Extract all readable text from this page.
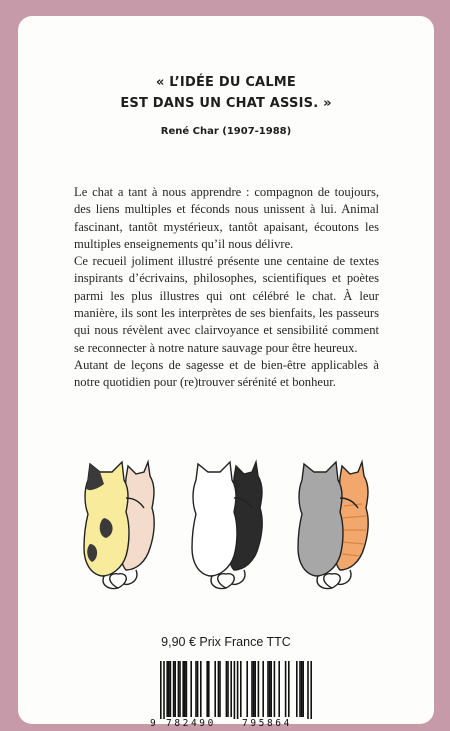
« L’IDÉE DU CALME
EST DANS UN CHAT ASSIS. »
René Char (1907-1988)

Le chat a tant à nous apprendre : compagnon de toujours, des liens multiples et féconds nous unissent à lui. Animal fascinant, tantôt mystérieux, tantôt apaisant, écoutons les multiples enseignements qu’il nous délivre.

Ce recueil joliment illustré présente une centaine de textes inspirants d’écrivains, philosophes, scientifiques et poètes parmi les plus illustres qui ont célébré le chat. À leur manière, ils sont les interprètes de ses bienfaits, les passeurs qui nous révèlent avec clairvoyance et sensibilité comment se reconnecter à notre nature sauvage pour être heureux.

Autant de leçons de sagesse et de bien-être applicables à notre quotidien pour (re)trouver sérénité et bonheur.

9,90 € Prix France TTC
9 782490	795864
